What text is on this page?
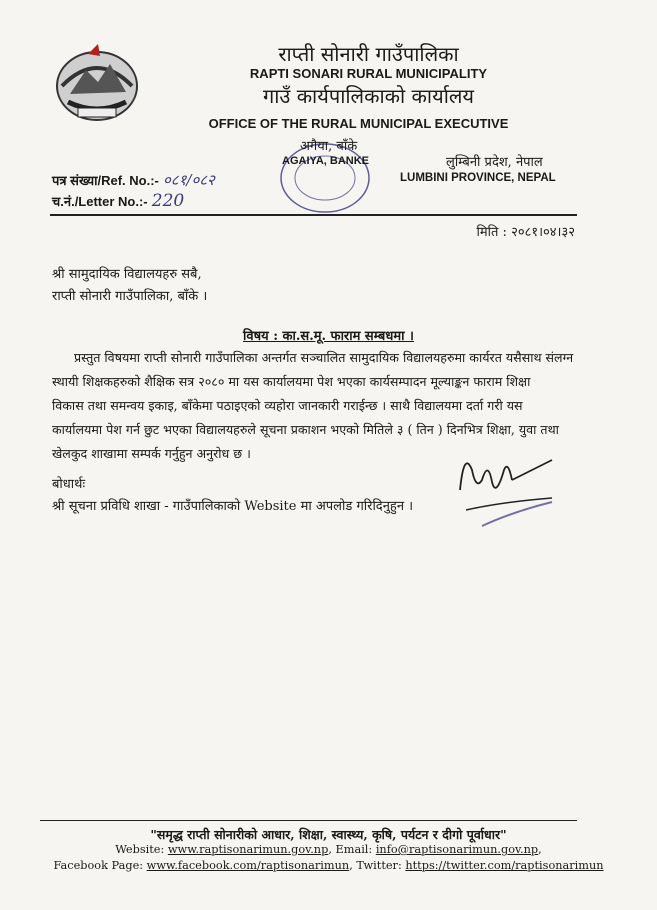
राप्ती सोनारी गाउँपालिका
RAPTI SONARI RURAL MUNICIPALITY
गाउँ कार्यपालिकाको कार्यालय
OFFICE OF THE RURAL MUNICIPAL EXECUTIVE
अगैया, बाँके
AGAIYA, BANKE	लुम्बिनी प्रदेश, नेपाल
LUMBINI PROVINCE, NEPAL
पत्र संख्या/Ref. No.:- ०८१/०८२
च.नं./Letter No.:- 220
मिति : २०८१।०४।३२
श्री सामुदायिक विद्यालयहरु सबै,
राप्ती सोनारी गाउँपालिका, बाँके ।
विषय : का.स.मू. फाराम सम्बधमा ।
प्रस्तुत विषयमा राप्ती सोनारी गाउँपालिका अन्तर्गत सञ्चालित सामुदायिक विद्यालयहरुमा कार्यरत यसैसाथ संलग्न
स्थायी शिक्षकहरुको शैक्षिक सत्र २०८० मा यस कार्यालयमा पेश भएका कार्यसम्पादन मूल्याङ्कन फाराम शिक्षा
विकास तथा समन्वय इकाइ, बाँकेमा पठाइएको व्यहोरा जानकारी गराईन्छ । साथै विद्यालयमा दर्ता गरी यस
कार्यालयमा पेश गर्न छुट भएका विद्यालयहरुले सूचना प्रकाशन भएको मितिले ३ ( तिन ) दिनभित्र शिक्षा, युवा तथा
खेलकुद शाखामा सम्पर्क गर्नुहुन अनुरोध छ ।
बोधार्थः
श्री सूचना प्रविधि शाखा - गाउँपालिकाको Website मा अपलोड गरिदिनुहुन ।
"समृद्ध राप्ती सोनारीको आधार, शिक्षा, स्वास्थ्य, कृषि, पर्यटन र दीगो पूर्वाधार"
Website: www.raptisonarimun.gov.np, Email: info@raptisonarimun.gov.np,
Facebook Page: www.facebook.com/raptisonarimun, Twitter: https://twitter.com/raptisonarimun
